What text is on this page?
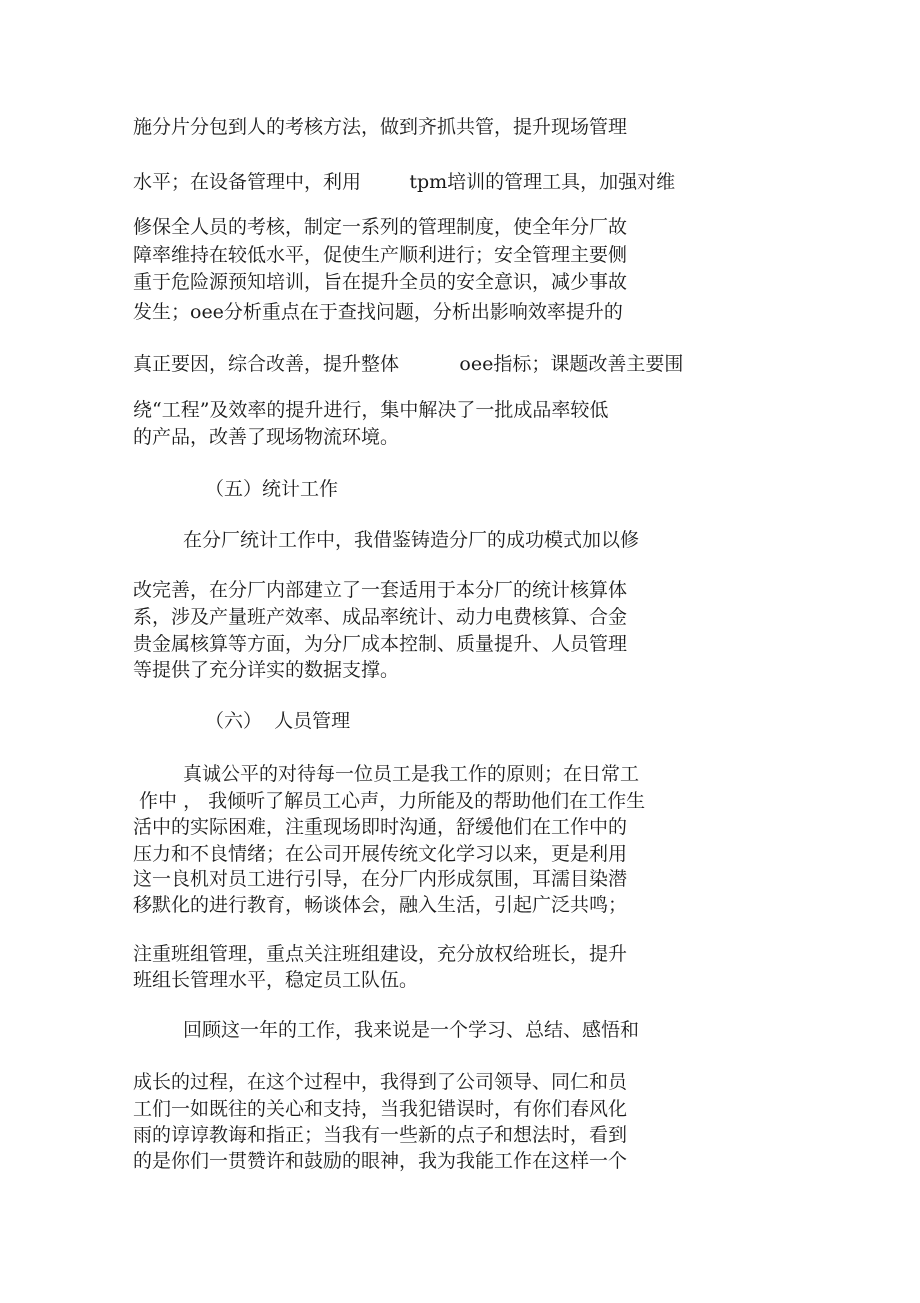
施分片分包到人的考核方法，做到齐抓共管，提升现场管理
水平；在设备管理中，利用        tpm培训的管理工具，加强对维
修保全人员的考核，制定一系列的管理制度，使全年分厂故
障率维持在较低水平，促使生产顺利进行；安全管理主要侧
重于危险源预知培训，旨在提升全员的安全意识，减少事故
发生；oee分析重点在于查找问题，分析出影响效率提升的
真正要因，综合改善，提升整体          oee指标；课题改善主要围
绕“工程”及效率的提升进行，集中解决了一批成品率较低
的产品，改善了现场物流环境。
（五）统计工作
在分厂统计工作中，我借鉴铸造分厂的成功模式加以修
改完善，在分厂内部建立了一套适用于本分厂的统计核算体
系，涉及产量班产效率、成品率统计、动力电费核算、合金
贵金属核算等方面，为分厂成本控制、质量提升、人员管理
等提供了充分详实的数据支撑。
（六）  人员管理
真诚公平的对待每一位员工是我工作的原则；在日常工
作中 ， 我倾听了解员工心声，力所能及的帮助他们在工作生
活中的实际困难，注重现场即时沟通，舒缓他们在工作中的
压力和不良情绪；在公司开展传统文化学习以来，更是利用
这一良机对员工进行引导，在分厂内形成氛围，耳濡目染潜
移默化的进行教育，畅谈体会，融入生活，引起广泛共鸣；
注重班组管理，重点关注班组建设，充分放权给班长，提升
班组长管理水平，稳定员工队伍。
回顾这一年的工作，我来说是一个学习、总结、感悟和
成长的过程，在这个过程中，我得到了公司领导、同仁和员
工们一如既往的关心和支持，当我犯错误时，有你们春风化
雨的谆谆教诲和指正；当我有一些新的点子和想法时，看到
的是你们一贯赞许和鼓励的眼神，我为我能工作在这样一个
